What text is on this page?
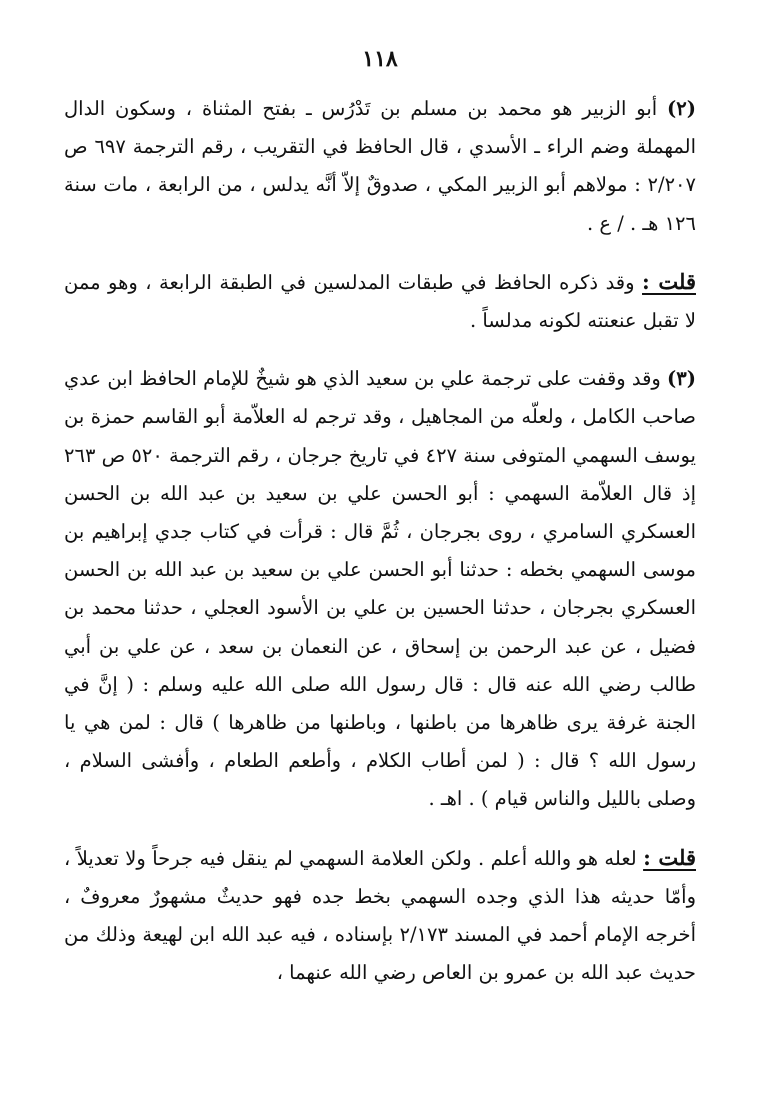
١١٨

(٢) أبو الزبير هو محمد بن مسلم بن تَدْرُس ـ بفتح المثناة ، وسكون الدال المهملة وضم الراء ـ الأسدي ، قال الحافظ في التقريب ، رقم الترجمة ٦٩٧ ص ٢/٢٠٧ : مولاهم أبو الزبير المكي ، صدوقٌ إلاّ أنَّه يدلس ، من الرابعة ، مات سنة ١٢٦ هـ . / ع .

قلت : وقد ذكره الحافظ في طبقات المدلسين في الطبقة الرابعة ، وهو ممن لا تقبل عنعنته لكونه مدلساً .

(٣) وقد وقفت على ترجمة علي بن سعيد الذي هو شيخٌ للإمام الحافظ ابن عدي صاحب الكامل ، ولعلّه من المجاهيل ، وقد ترجم له العلاّمة أبو القاسم حمزة بن يوسف السهمي المتوفى سنة ٤٢٧ في تاريخ جرجان ، رقم الترجمة ٥٢٠ ص ٢٦٣ إذ قال العلاّمة السهمي : أبو الحسن علي بن سعيد بن عبد الله بن الحسن العسكري السامري ، روى بجرجان ، ثُمَّ قال : قرأت في كتاب جدي إبراهيم بن موسى السهمي بخطه : حدثنا أبو الحسن علي بن سعيد بن عبد الله بن الحسن العسكري بجرجان ، حدثنا الحسين بن علي بن الأسود العجلي ، حدثنا محمد بن فضيل ، عن عبد الرحمن بن إسحاق ، عن النعمان بن سعد ، عن علي بن أبي طالب رضي الله عنه قال : قال رسول الله صلى الله عليه وسلم : ( إنَّ في الجنة غرفة يرى ظاهرها من باطنها ، وباطنها من ظاهرها ) قال : لمن هي يا رسول الله ؟ قال : ( لمن أطاب الكلام ، وأطعم الطعام ، وأفشى السلام ، وصلى بالليل والناس قيام ) . اهـ .

قلت : لعله هو والله أعلم . ولكن العلامة السهمي لم ينقل فيه جرحاً ولا تعديلاً ، وأمّا حديثه هذا الذي وجده السهمي بخط جده فهو حديثٌ مشهورٌ معروفٌ ، أخرجه الإمام أحمد في المسند ٢/١٧٣ بإسناده ، فيه عبد الله ابن لهيعة وذلك من حديث عبد الله بن عمرو بن العاص رضي الله عنهما ،
